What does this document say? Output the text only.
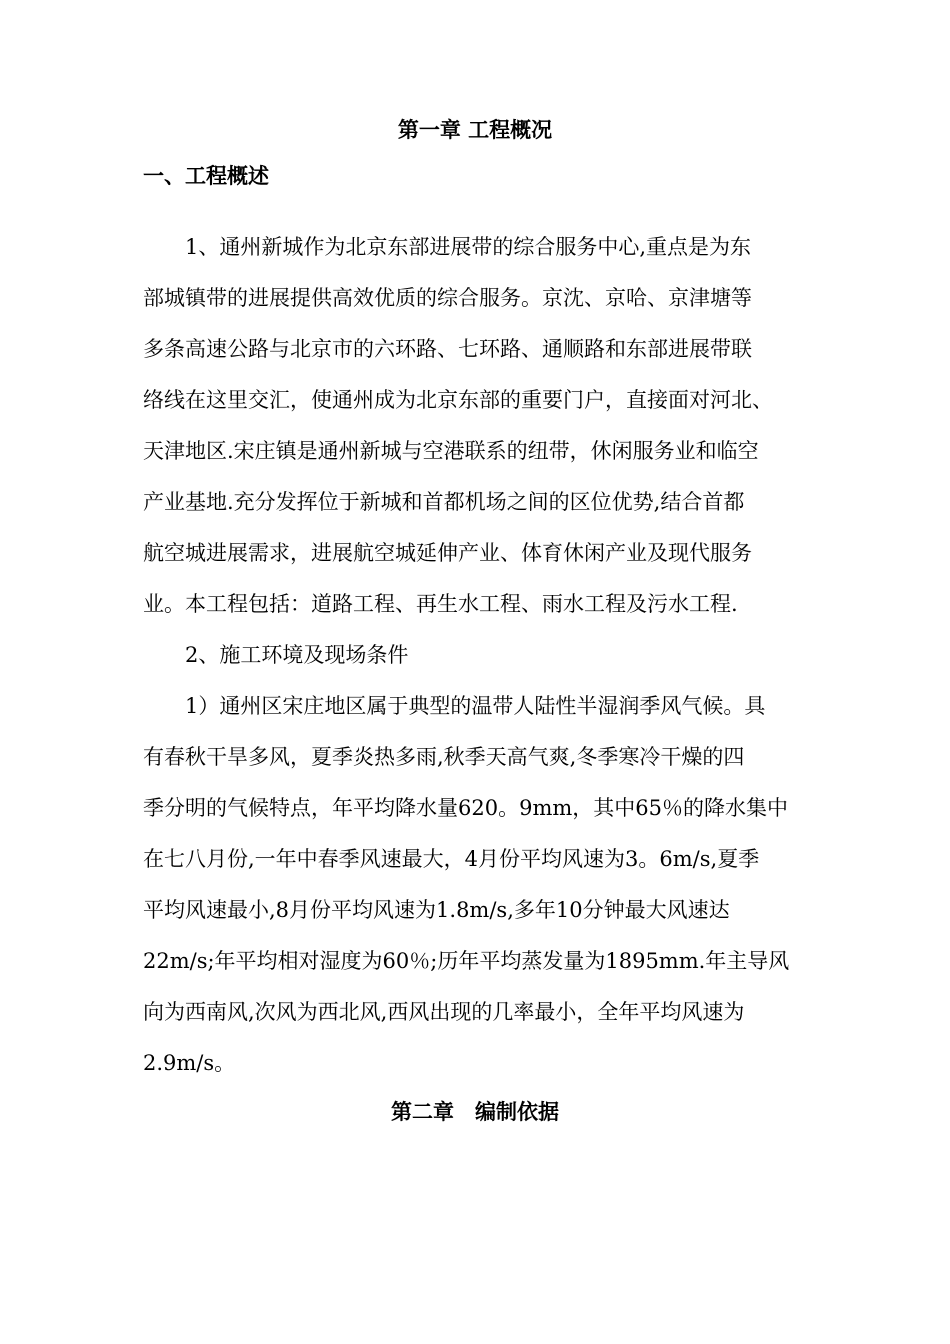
第一章 工程概况
一、工程概述
1、通州新城作为北京东部进展带的综合服务中心,重点是为东
部城镇带的进展提供高效优质的综合服务。京沈、京哈、京津塘等
多条高速公路与北京市的六环路、七环路、通顺路和东部进展带联
络线在这里交汇，使通州成为北京东部的重要门户，直接面对河北、
天津地区.宋庄镇是通州新城与空港联系的纽带，休闲服务业和临空
产业基地.充分发挥位于新城和首都机场之间的区位优势,结合首都
航空城进展需求，进展航空城延伸产业、体育休闲产业及现代服务
业。本工程包括：道路工程、再生水工程、雨水工程及污水工程.
2、施工环境及现场条件
1）通州区宋庄地区属于典型的温带人陆性半湿润季风气候。具
有春秋干旱多风，夏季炎热多雨,秋季天高气爽,冬季寒冷干燥的四
季分明的气候特点，年平均降水量620。9mm，其中65％的降水集中
在七八月份,一年中春季风速最大，4月份平均风速为3。6m/s,夏季
平均风速最小,8月份平均风速为1.8m/s,多年10分钟最大风速达
22m/s;年平均相对湿度为60％;历年平均蒸发量为1895mm.年主导风
向为西南风,次风为西北风,西风出现的几率最小，全年平均风速为
2.9m/s。
第二章　编制依据
